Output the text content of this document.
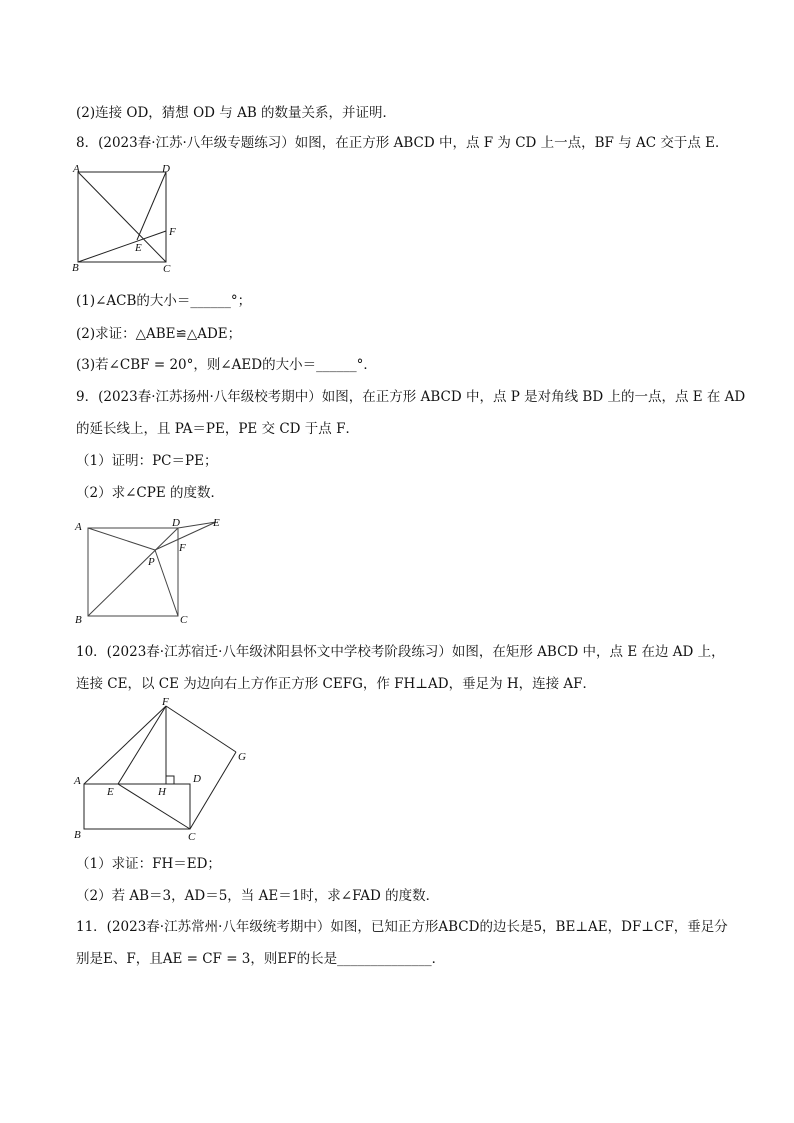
(2)连接 OD，猜想 OD 与 AB 的数量关系，并证明．
8．(2023春·江苏·八年级专题练习）如图，在正方形 ABCD 中，点 F 为 CD 上一点，BF 与 AC 交于点 E．
A	D
B	C
E
F
(1)∠ACB的大小＝______°；
(2)求证：△ABE≌△ADE；
(3)若∠CBF = 20°，则∠AED的大小＝______°．
9．(2023春·江苏扬州·八年级校考期中）如图，在正方形 ABCD 中，点 P 是对角线 BD 上的一点，点 E 在 AD
的延长线上，且 PA＝PE，PE 交 CD 于点 F．
（1）证明：PC＝PE；
（2）求∠CPE 的度数．
A	D	E
F
P
B	C
10．(2023春·江苏宿迁·八年级沭阳县怀文中学校考阶段练习）如图，在矩形 ABCD 中，点 E 在边 AD 上，
连接 CE，以 CE 为边向右上方作正方形 CEFG，作 FH⊥AD，垂足为 H，连接 AF．
F
G
A
E	H
D
B	C
（1）求证：FH＝ED；
（2）若 AB＝3，AD＝5，当 AE＝1时，求∠FAD 的度数．
11．(2023春·江苏常州·八年级统考期中）如图，已知正方形ABCD的边长是5，BE⊥AE，DF⊥CF，垂足分
别是E、F，且AE = CF = 3，则EF的长是______________．
